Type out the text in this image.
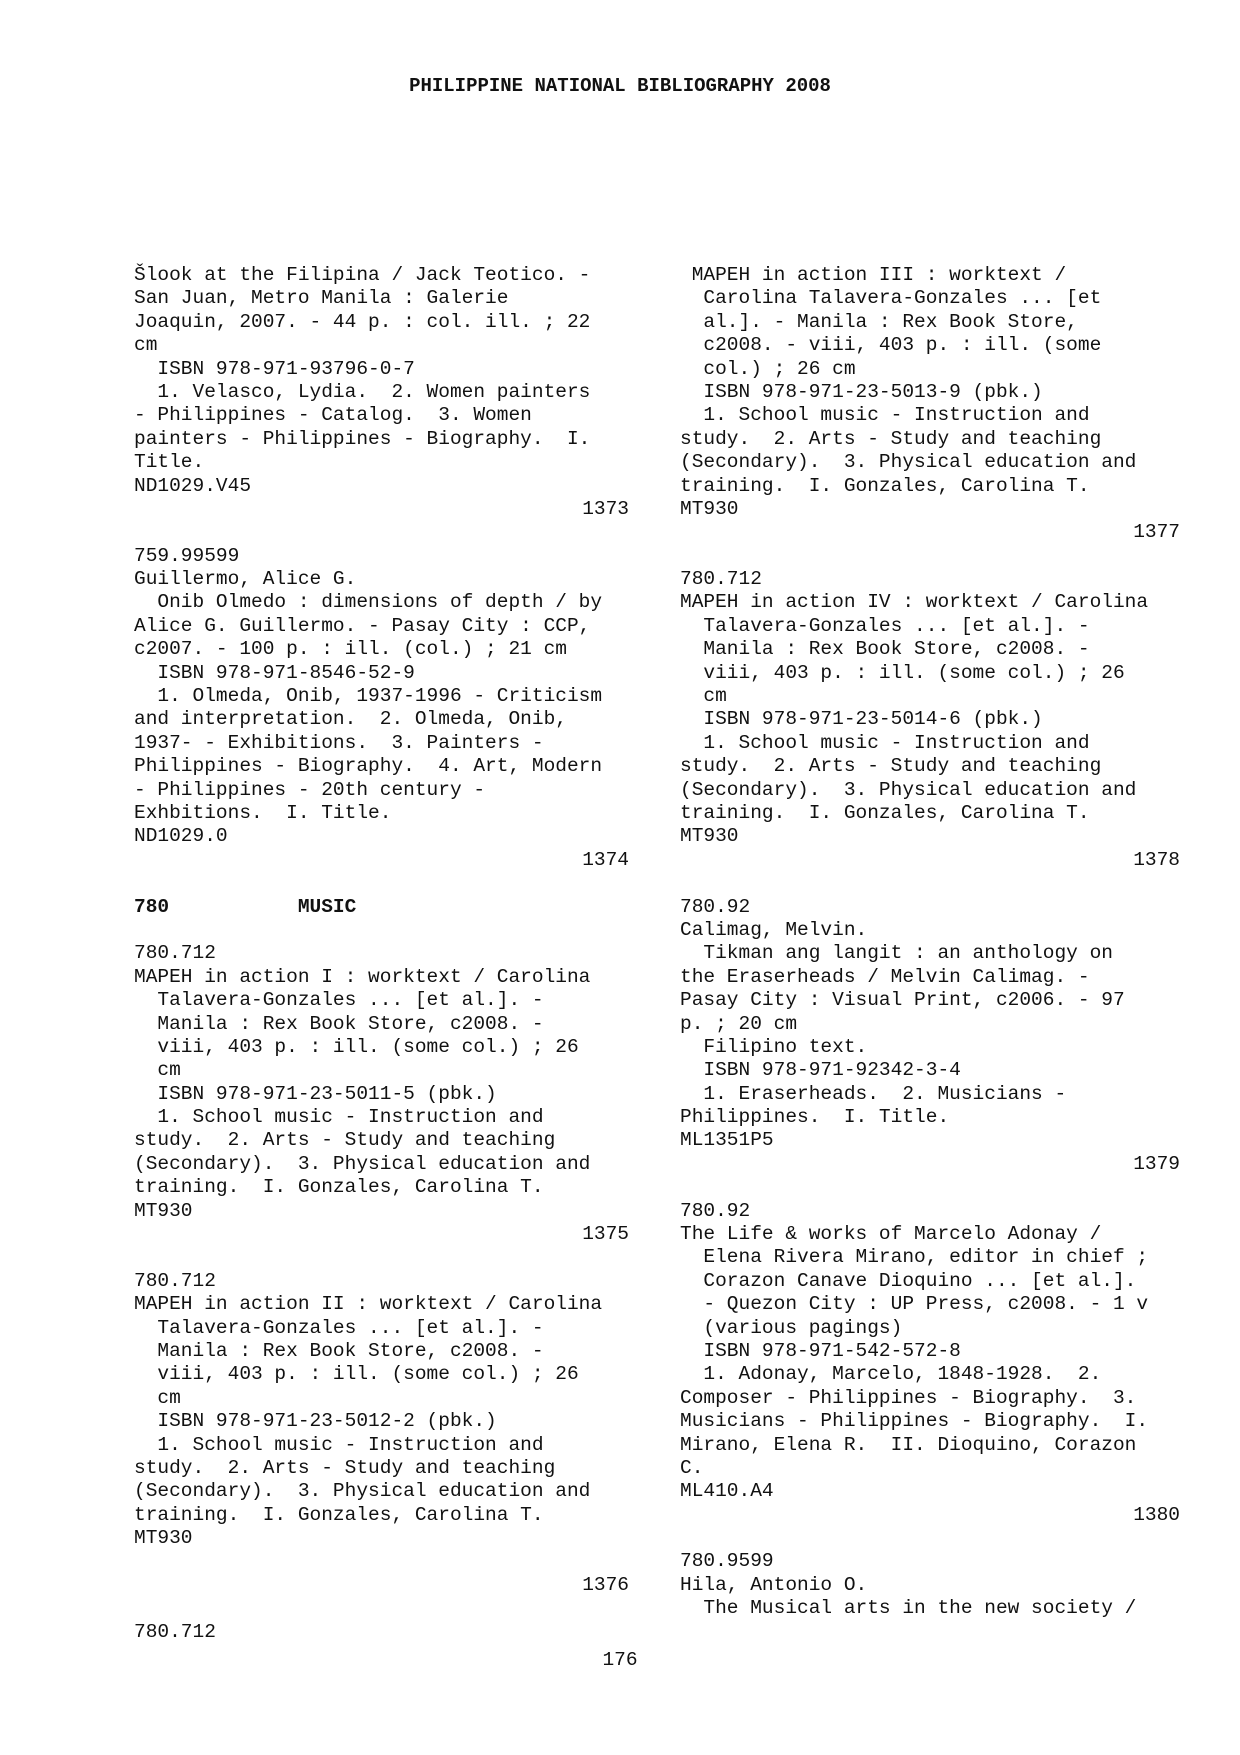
PHILIPPINE NATIONAL BIBLIOGRAPHY 2008
Šlook at the Filipina / Jack Teotico. -
San Juan, Metro Manila : Galerie
Joaquin, 2007. - 44 p. : col. ill. ; 22
cm
ISBN 978-971-93796-0-7
1. Velasco, Lydia.  2. Women painters
- Philippines - Catalog.  3. Women
painters - Philippines - Biography.  I.
Title.
ND1029.V45
1373
759.99599
Guillermo, Alice G.
Onib Olmedo : dimensions of depth / by
Alice G. Guillermo. - Pasay City : CCP,
c2007. - 100 p. : ill. (col.) ; 21 cm
ISBN 978-971-8546-52-9
1. Olmeda, Onib, 1937-1996 - Criticism
and interpretation.  2. Olmeda, Onib,
1937- - Exhibitions.  3. Painters -
Philippines - Biography.  4. Art, Modern
- Philippines - 20th century -
Exhbitions.  I. Title.
ND1029.0
1374
780           MUSIC
780.712
MAPEH in action I : worktext / Carolina
Talavera-Gonzales ... [et al.]. -
Manila : Rex Book Store, c2008. -
viii, 403 p. : ill. (some col.) ; 26
cm
ISBN 978-971-23-5011-5 (pbk.)
1. School music - Instruction and
study.  2. Arts - Study and teaching
(Secondary).  3. Physical education and
training.  I. Gonzales, Carolina T.
MT930
1375
780.712
MAPEH in action II : worktext / Carolina
Talavera-Gonzales ... [et al.]. -
Manila : Rex Book Store, c2008. -
viii, 403 p. : ill. (some col.) ; 26
cm
ISBN 978-971-23-5012-2 (pbk.)
1. School music - Instruction and
study.  2. Arts - Study and teaching
(Secondary).  3. Physical education and
training.  I. Gonzales, Carolina T.
MT930
1376
780.712
MAPEH in action III : worktext /
Carolina Talavera-Gonzales ... [et
al.]. - Manila : Rex Book Store,
c2008. - viii, 403 p. : ill. (some
col.) ; 26 cm
ISBN 978-971-23-5013-9 (pbk.)
1. School music - Instruction and
study.  2. Arts - Study and teaching
(Secondary).  3. Physical education and
training.  I. Gonzales, Carolina T.
MT930
1377
780.712
MAPEH in action IV : worktext / Carolina
Talavera-Gonzales ... [et al.]. -
Manila : Rex Book Store, c2008. -
viii, 403 p. : ill. (some col.) ; 26
cm
ISBN 978-971-23-5014-6 (pbk.)
1. School music - Instruction and
study.  2. Arts - Study and teaching
(Secondary).  3. Physical education and
training.  I. Gonzales, Carolina T.
MT930
1378
780.92
Calimag, Melvin.
Tikman ang langit : an anthology on
the Eraserheads / Melvin Calimag. -
Pasay City : Visual Print, c2006. - 97
p. ; 20 cm
Filipino text.
ISBN 978-971-92342-3-4
1. Eraserheads.  2. Musicians -
Philippines.  I. Title.
ML1351P5
1379
780.92
The Life & works of Marcelo Adonay /
Elena Rivera Mirano, editor in chief ;
Corazon Canave Dioquino ... [et al.].
- Quezon City : UP Press, c2008. - 1 v
(various pagings)
ISBN 978-971-542-572-8
1. Adonay, Marcelo, 1848-1928.  2.
Composer - Philippines - Biography.  3.
Musicians - Philippines - Biography.  I.
Mirano, Elena R.  II. Dioquino, Corazon
C.
ML410.A4
1380
780.9599
Hila, Antonio O.
The Musical arts in the new society /
176
